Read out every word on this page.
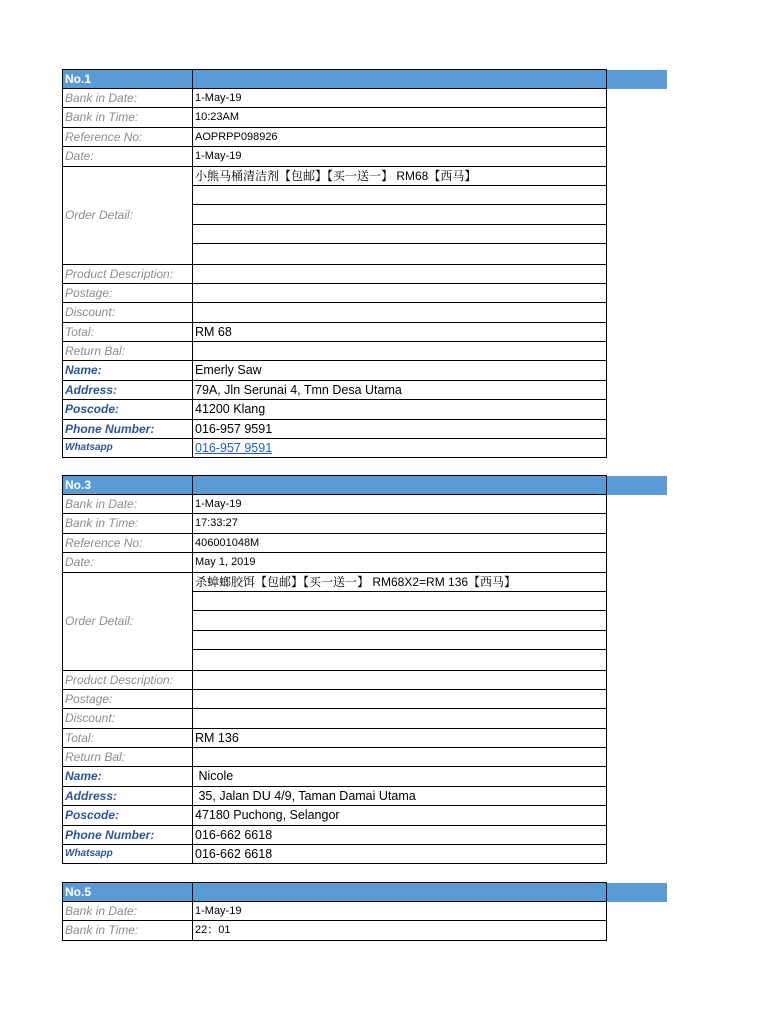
No.1
Bank in Date:	1-May-19
Bank in Time:	10:23AM
Reference No:	AOPRPP098926
Date:	1-May-19
Order Detail:
小熊马桶清洁剂【包邮】【买一送一】 RM68【西马】
Product Description:
Postage:
Discount:
Total:	RM 68
Return Bal:
Name:	Emerly Saw
Address:	79A, Jln Serunai 4, Tmn Desa Utama
Poscode:	41200 Klang
Phone Number:	016-957 9591
Whatsapp	016-957 9591
No.3
Bank in Date:	1-May-19
Bank in Time:	17:33:27
Reference No:	406001048M
Date:	May 1, 2019
Order Detail:
杀蟑螂胶饵【包邮】【买一送一】 RM68X2=RM 136【西马】
Product Description:
Postage:
Discount:
Total:	RM 136
Return Bal:
Name:	Nicole
Address:	35, Jalan DU 4/9, Taman Damai Utama
Poscode:	47180 Puchong, Selangor
Phone Number:	016-662 6618
Whatsapp	016-662 6618
No.5
Bank in Date:	1-May-19
Bank in Time:	22：01
